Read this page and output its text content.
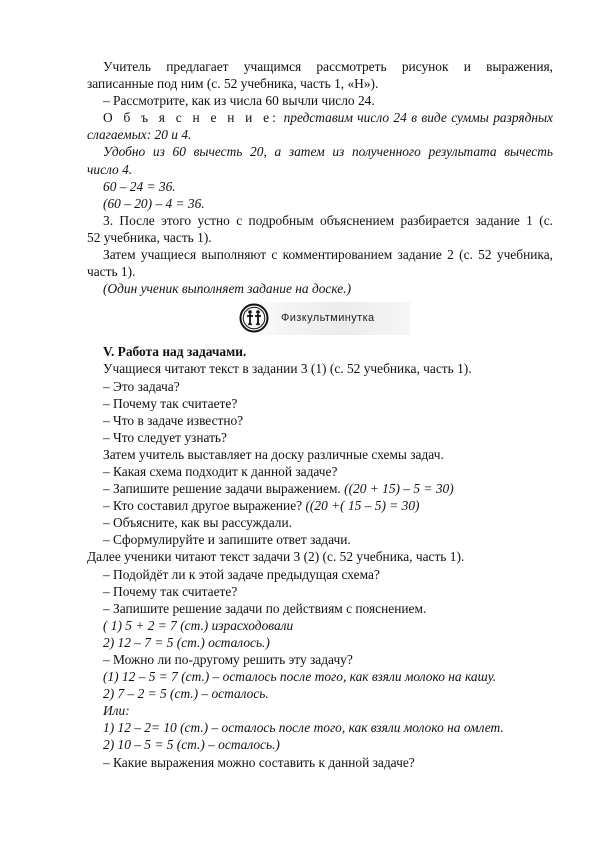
Учитель предлагает учащимся рассмотреть рисунок и выражения,

записанные под ним (с. 52 учебника, часть 1, «Н»).

– Рассмотрите, как из числа 60 вычли число 24.

О б ъ я с н е н и е: представим число 24 в виде суммы разрядных

слагаемых: 20 и 4.

Удобно из 60 вычесть 20, а затем из полученного результата вычесть

число 4.

60 – 24 = 36.

(60 – 20) – 4 = 36.

3. После этого устно с подробным объяснением разбирается задание 1 (с.

52 учебника, часть 1).

Затем учащиеся выполняют с комментированием задание 2 (с. 52 учебника,

часть 1).

(Один ученик выполняет задание на доске.)

Физкультминутка

V. Работа над задачами.

Учащиеся читают текст в задании 3 (1) (с. 52 учебника, часть 1).

– Это задача?

– Почему так считаете?

– Что в задаче известно?

– Что следует узнать?

Затем учитель выставляет на доску различные схемы задач.

– Какая схема подходит к данной задаче?

– Запишите решение задачи выражением. ((20 + 15) – 5 = 30)

– Кто составил другое выражение? ((20 +( 15 – 5) = 30)

– Объясните, как вы рассуждали.

– Сформулируйте и запишите ответ задачи.

Далее ученики читают текст задачи 3 (2) (с. 52 учебника, часть 1).

– Подойдёт ли к этой задаче предыдущая схема?

– Почему так считаете?

– Запишите решение задачи по действиям с пояснением.

( 1) 5 + 2 = 7 (ст.) израсходовали

2) 12 – 7 = 5 (ст.) осталось.)

– Можно ли по-другому решить эту задачу?

(1) 12 – 5 = 7 (ст.) – осталось после того, как взяли молоко на кашу.

2) 7 – 2 = 5 (ст.) – осталось.

Или:

1) 12 – 2= 10 (ст.) – осталось после того, как взяли молоко на омлет.

2) 10 – 5 = 5 (ст.) – осталось.)

– Какие выражения можно составить к данной задаче?
